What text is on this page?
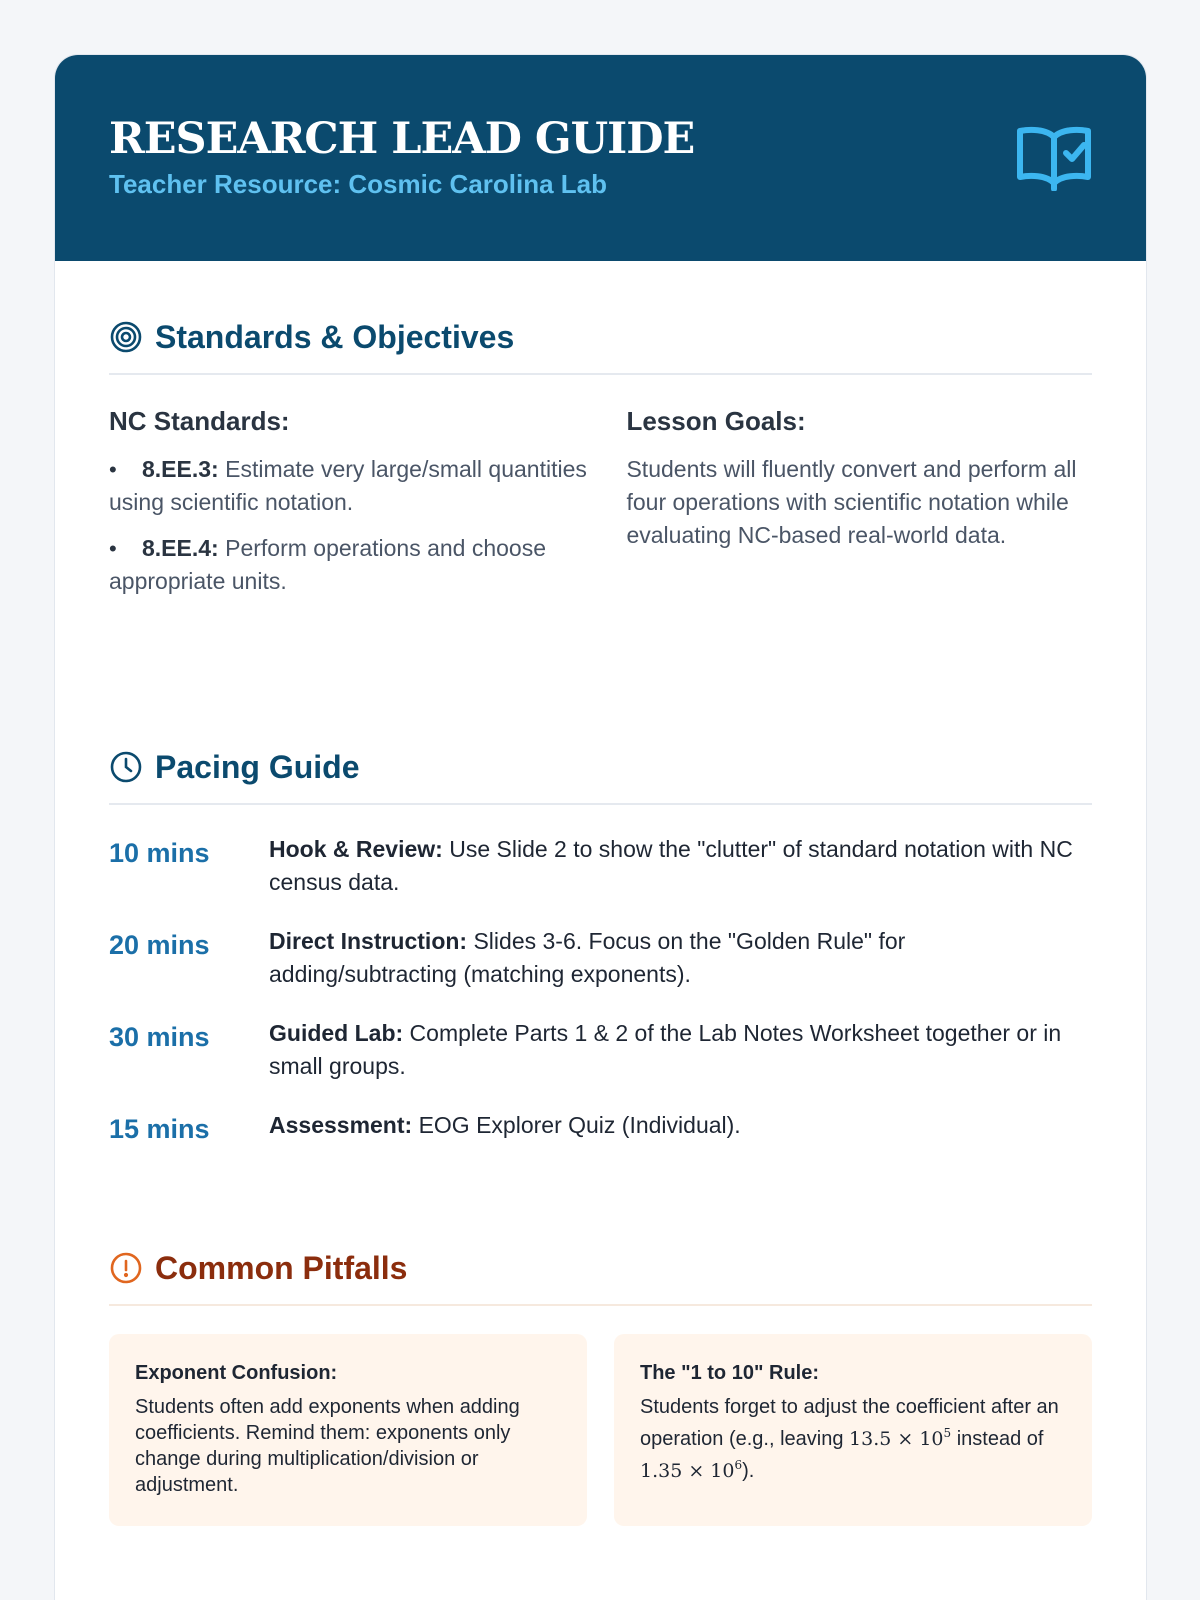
RESEARCH LEAD GUIDE
Teacher Resource: Cosmic Carolina Lab
Standards & Objectives
NC Standards:
• 8.EE.3: Estimate very large/small quantities using scientific notation.
• 8.EE.4: Perform operations and choose appropriate units.
Lesson Goals:
Students will fluently convert and perform all four operations with scientific notation while evaluating NC-based real-world data.
Pacing Guide
10 mins	Hook & Review: Use Slide 2 to show the "clutter" of standard notation with NC census data.
20 mins	Direct Instruction: Slides 3-6. Focus on the "Golden Rule" for adding/subtracting (matching exponents).
30 mins	Guided Lab: Complete Parts 1 & 2 of the Lab Notes Worksheet together or in small groups.
15 mins	Assessment: EOG Explorer Quiz (Individual).
Common Pitfalls
Exponent Confusion:
Students often add exponents when adding coefficients. Remind them: exponents only change during multiplication/division or adjustment.
The "1 to 10" Rule:
Students forget to adjust the coefficient after an operation (e.g., leaving $13.5 \times 10^5$ instead of $1.35 \times 10^6$).
